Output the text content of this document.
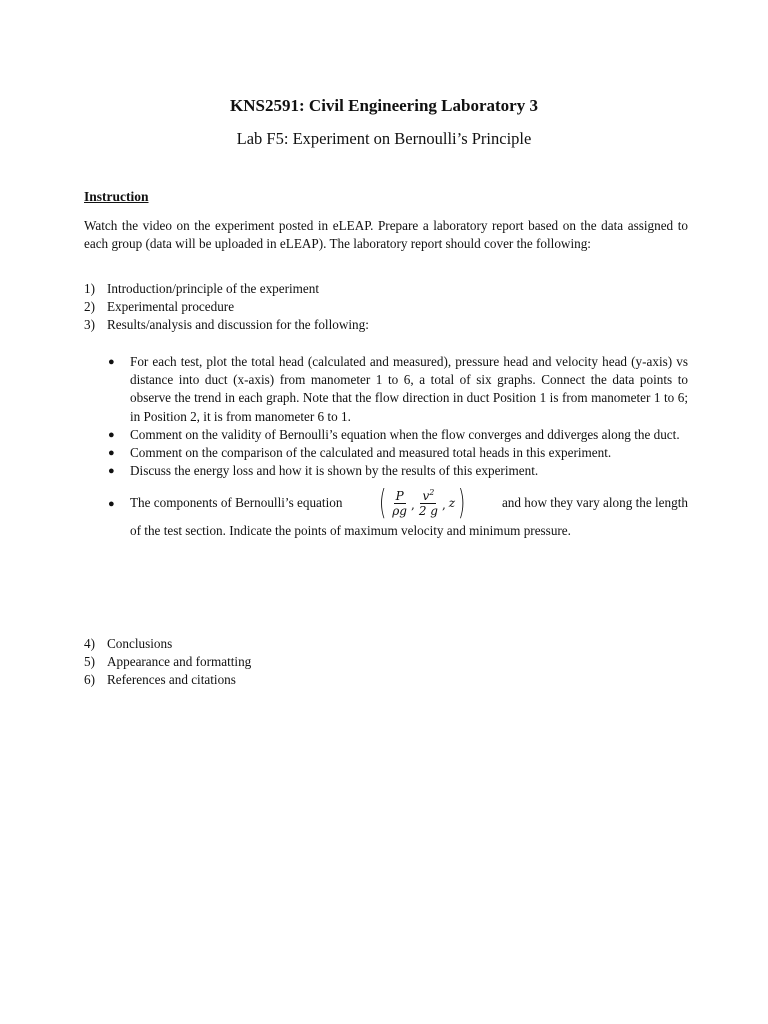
KNS2591: Civil Engineering Laboratory 3
Lab F5: Experiment on Bernoulli’s Principle
Instruction

Watch the video on the experiment posted in eLEAP. Prepare a laboratory report based on the data assigned to each group (data will be uploaded in eLEAP). The laboratory report should cover the following:

1) Introduction/principle of the experiment
2) Experimental procedure
3) Results/analysis and discussion for the following:
● For each test, plot the total head (calculated and measured), pressure head and velocity head (y-axis) vs distance into duct (x-axis) from manometer 1 to 6, a total of six graphs. Connect the data points to observe the trend in each graph. Note that the flow direction in duct Position 1 is from manometer 1 to 6; in Position 2, it is from manometer 6 to 1.
● Comment on the validity of Bernoulli’s equation when the flow converges and ddiverges along the duct.
● Comment on the comparison of the calculated and measured total heads in this experiment.
● Discuss the energy loss and how it is shown by the results of this experiment.
● The components of Bernoulli’s equation ( $\frac{P}{\rho g}$ , $\frac{v^2}{2 g}$ , z )	and how they vary along the length
of the test section. Indicate the points of maximum velocity and minimum pressure.
4) Conclusions
5) Appearance and formatting
6) References and citations
